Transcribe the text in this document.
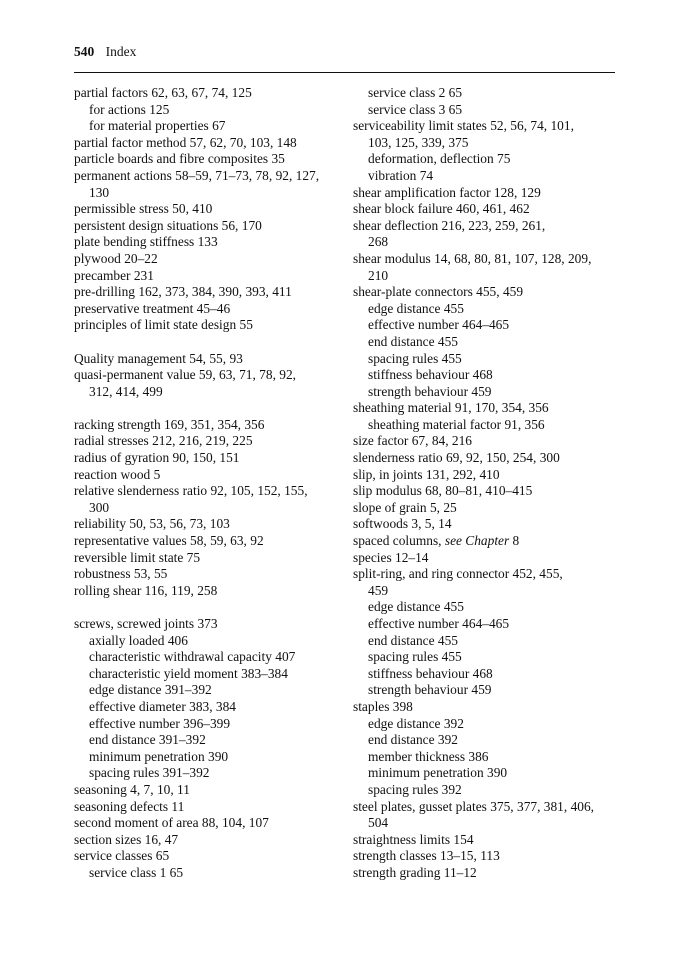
540 Index
partial factors 62, 63, 67, 74, 125
for actions 125
for material properties 67
partial factor method 57, 62, 70, 103, 148
particle boards and fibre composites 35
permanent actions 58–59, 71–73, 78, 92, 127,
130
permissible stress 50, 410
persistent design situations 56, 170
plate bending stiffness 133
plywood 20–22
precamber 231
pre-drilling 162, 373, 384, 390, 393, 411
preservative treatment 45–46
principles of limit state design 55
Quality management 54, 55, 93
quasi-permanent value 59, 63, 71, 78, 92,
312, 414, 499
racking strength 169, 351, 354, 356
radial stresses 212, 216, 219, 225
radius of gyration 90, 150, 151
reaction wood 5
relative slenderness ratio 92, 105, 152, 155,
300
reliability 50, 53, 56, 73, 103
representative values 58, 59, 63, 92
reversible limit state 75
robustness 53, 55
rolling shear 116, 119, 258
screws, screwed joints 373
axially loaded 406
characteristic withdrawal capacity 407
characteristic yield moment 383–384
edge distance 391–392
effective diameter 383, 384
effective number 396–399
end distance 391–392
minimum penetration 390
spacing rules 391–392
seasoning 4, 7, 10, 11
seasoning defects 11
second moment of area 88, 104, 107
section sizes 16, 47
service classes 65
service class 1 65
service class 2 65
service class 3 65
serviceability limit states 52, 56, 74, 101,
103, 125, 339, 375
deformation, deflection 75
vibration 74
shear amplification factor 128, 129
shear block failure 460, 461, 462
shear deflection 216, 223, 259, 261,
268
shear modulus 14, 68, 80, 81, 107, 128, 209,
210
shear-plate connectors 455, 459
edge distance 455
effective number 464–465
end distance 455
spacing rules 455
stiffness behaviour 468
strength behaviour 459
sheathing material 91, 170, 354, 356
sheathing material factor 91, 356
size factor 67, 84, 216
slenderness ratio 69, 92, 150, 254, 300
slip, in joints 131, 292, 410
slip modulus 68, 80–81, 410–415
slope of grain 5, 25
softwoods 3, 5, 14
spaced columns, see Chapter 8
species 12–14
split-ring, and ring connector 452, 455,
459
edge distance 455
effective number 464–465
end distance 455
spacing rules 455
stiffness behaviour 468
strength behaviour 459
staples 398
edge distance 392
end distance 392
member thickness 386
minimum penetration 390
spacing rules 392
steel plates, gusset plates 375, 377, 381, 406,
504
straightness limits 154
strength classes 13–15, 113
strength grading 11–12
